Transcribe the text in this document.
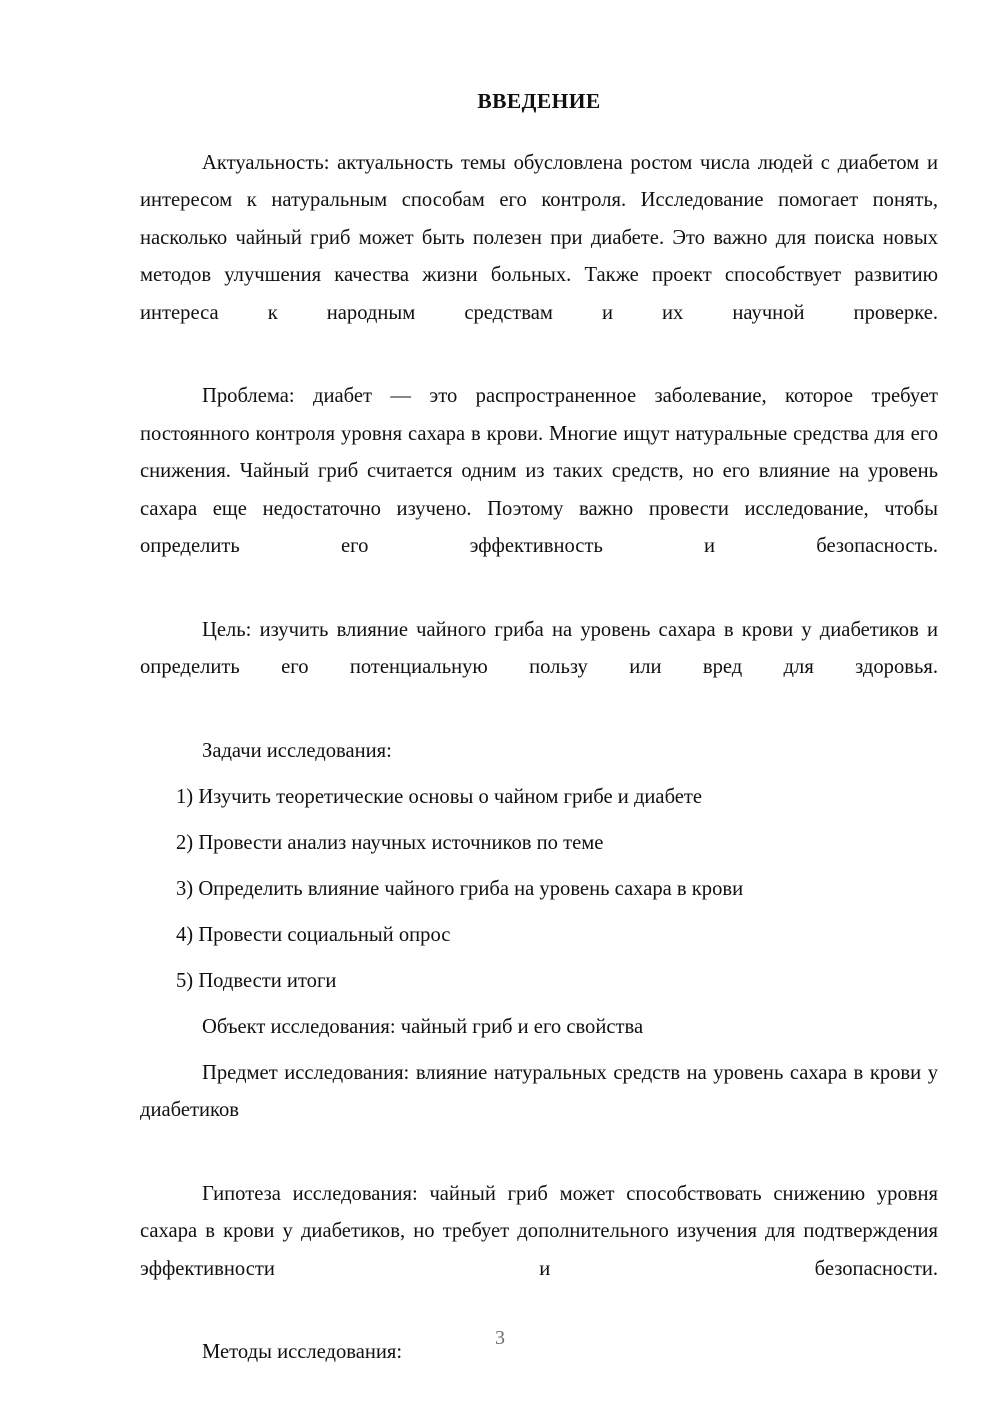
ВВЕДЕНИЕ

Актуальность: актуальность темы обусловлена ростом числа людей с диабетом и интересом к натуральным способам его контроля. Исследование помогает понять, насколько чайный гриб может быть полезен при диабете. Это важно для поиска новых методов улучшения качества жизни больных. Также проект способствует развитию интереса к народным средствам и их научной проверке.

Проблема: диабет — это распространенное заболевание, которое требует постоянного контроля уровня сахара в крови. Многие ищут натуральные средства для его снижения. Чайный гриб считается одним из таких средств, но его влияние на уровень сахара еще недостаточно изучено. Поэтому важно провести исследование, чтобы определить его эффективность и безопасность.

Цель: изучить влияние чайного гриба на уровень сахара в крови у диабетиков и определить его потенциальную пользу или вред для здоровья.

Задачи исследования:

1) Изучить теоретические основы о чайном грибе и диабете
2) Провести анализ научных источников по теме
3) Определить влияние чайного гриба на уровень сахара в крови
4) Провести социальный опрос
5) Подвести итоги

Объект исследования: чайный гриб и его свойства

Предмет исследования: влияние натуральных средств на уровень сахара в крови у диабетиков

Гипотеза исследования: чайный гриб может способствовать снижению уровня сахара в крови у диабетиков, но требует дополнительного изучения для подтверждения эффективности и безопасности.

Методы исследования:

3
